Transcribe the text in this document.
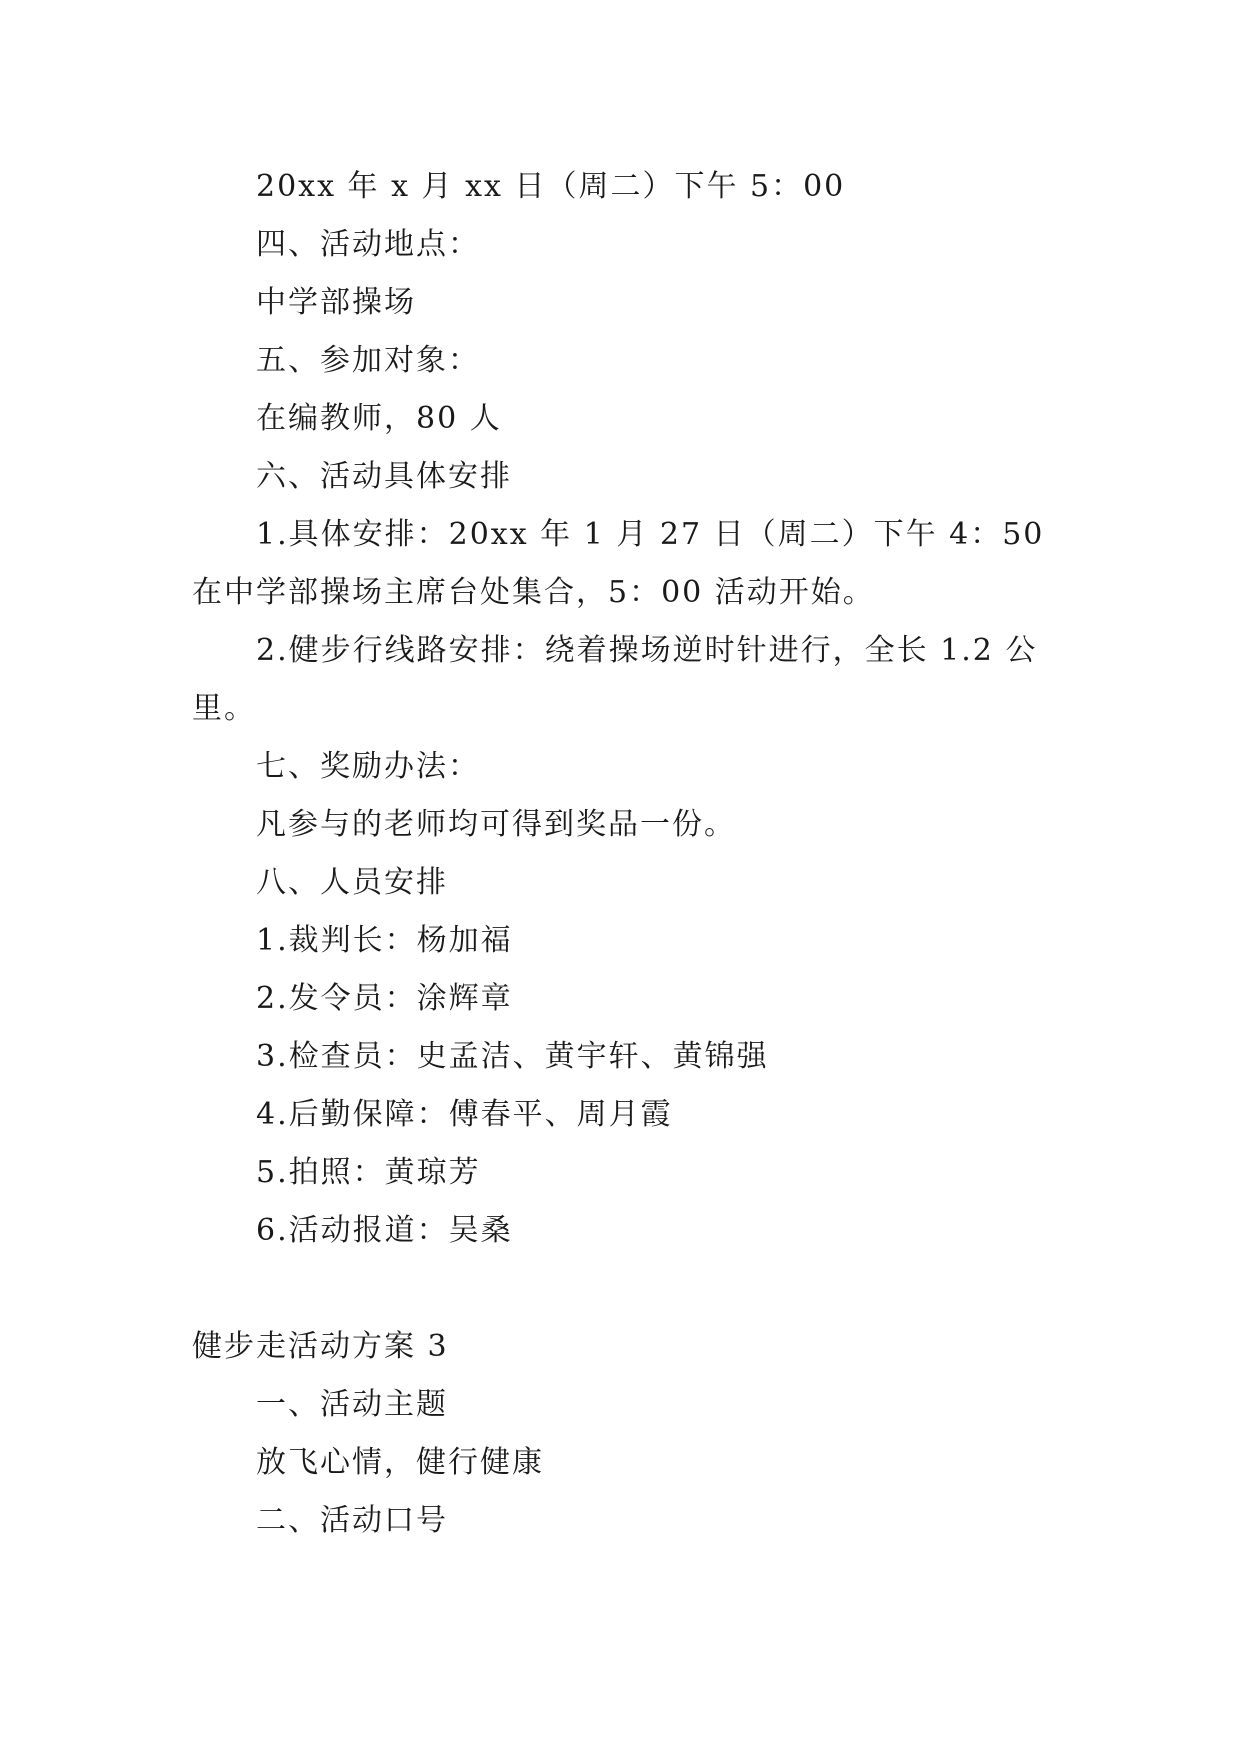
20xx 年 x 月 xx 日（周二）下午 5：00

四、活动地点：

中学部操场

五、参加对象：

在编教师，80 人

六、活动具体安排

1.具体安排：20xx 年 1 月 27 日（周二）下午 4：50 在中学部操场主席台处集合，5：00 活动开始。

2.健步行线路安排：绕着操场逆时针进行，全长 1.2 公里。

七、奖励办法：

凡参与的老师均可得到奖品一份。

八、人员安排

1.裁判长：杨加福

2.发令员：涂辉章

3.检查员：史孟洁、黄宇轩、黄锦强

4.后勤保障：傅春平、周月霞

5.拍照：黄琼芳

6.活动报道：吴桑

健步走活动方案 3

一、活动主题

放飞心情，健行健康

二、活动口号
